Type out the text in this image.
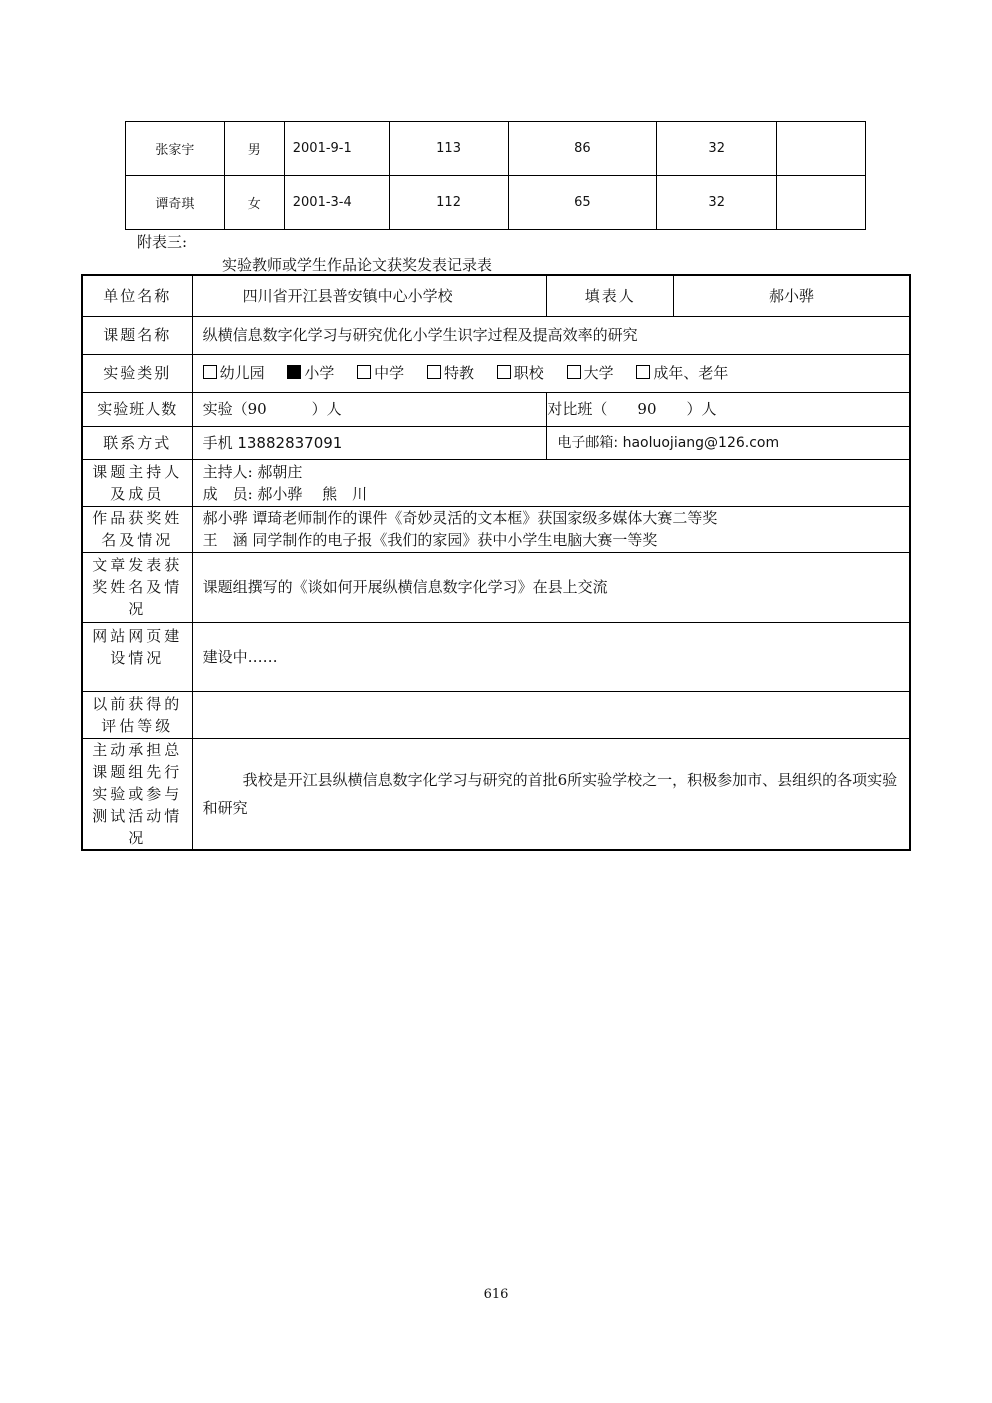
张家宇	男	2001-9-1	113	86	32	
谭奇琪	女	2001-3-4	112	65	32	
附表三:
实验教师或学生作品论文获奖发表记录表
单位名称	四川省开江县普安镇中心小学校	填表人	郝小骅
课题名称	纵横信息数字化学习与研究优化小学生识字过程及提高效率的研究		
实验类别	幼儿园 小学 中学 特教 职校 大学 成年、老年		
实验班人数	实验（90　　　）人	对比班（　　90　　）人	
联系方式	手机 13882837091	电子邮箱: haoluojiang@126.com	
课题主持人及成员	主持人: 郝朝庄
成　员: 郝小骅　 熊　川		

作品获奖姓名及情况	郝小骅 谭琦老师制作的课件《奇妙灵活的文本框》获国家级多媒体大赛二等奖
王　涵 同学制作的电子报《我们的家园》获中小学生电脑大赛一等奖		

文章发表获奖姓名及情况	课题组撰写的《谈如何开展纵横信息数字化学习》在县上交流		
网站网页建设情况	建设中……		
以前获得的评估等级			
主动承担总课题组先行实验或参与测试活动情况	我校是开江县纵横信息数字化学习与研究的首批6所实验学校之一，积极参加市、县组织的各项实验和研究		
616
